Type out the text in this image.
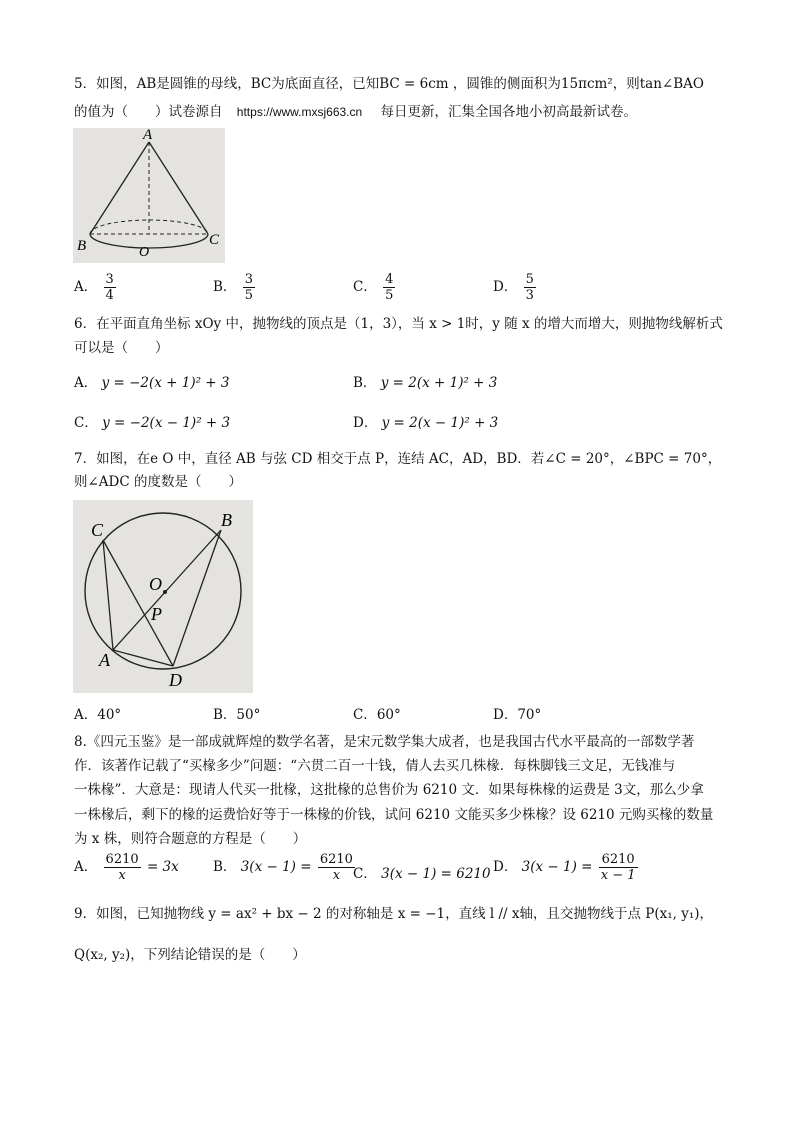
5．如图，AB是圆锥的母线，BC为底面直径，已知BC = 6cm ，圆锥的侧面积为15πcm²，则tan∠BAO
的值为（　　）试卷源自 https://www.mxsj663.cn 每日更新，汇集全国各地小初高最新试卷。
A
B	O
C
A． $\frac{3}{4}$	B． $\frac{3}{5}$	C． $\frac{4}{5}$	D． $\frac{5}{3}$
6．在平面直角坐标 xOy 中，抛物线的顶点是（1，3），当 x > 1时，y 随 x 的增大而增大，则抛物线解析式
可以是（　　）
A． y = −2(x + 1)² + 3	B． y = 2(x + 1)² + 3
C． y = −2(x − 1)² + 3	D． y = 2(x − 1)² + 3
7．如图，在e O 中，直径 AB 与弦 CD 相交于点 P，连结 AC，AD，BD．若∠C = 20°，∠BPC = 70°，
则∠ADC 的度数是（　　）
C	B
O
P
A
D
A．40°	B．50°	C．60°	D．70°
8.《四元玉鉴》是一部成就辉煌的数学名著，是宋元数学集大成者，也是我国古代水平最高的一部数学著
作．该著作记载了“买椽多少”问题：“六贯二百一十钱，倩人去买几株椽．每株脚钱三文足，无钱准与
一株椽”．大意是：现请人代买一批椽，这批椽的总售价为 6210 文．如果每株椽的运费是 3文，那么少拿
一株椽后，剩下的椽的运费恰好等于一株椽的价钱，试问 6210 文能买多少株椽？设 6210 元购买椽的数量
为 x 株，则符合题意的方程是（　　）
A． $\frac{6210}{x} = 3x$	B． $3(x - 1) = \frac{6210}{x}$
C． 3(x − 1) = 6210 D． $3(x - 1) = \frac{6210}{x - 1}$
9．如图，已知抛物线 y = ax² + bx − 2 的对称轴是 x = −1，直线 l // x轴，且交抛物线于点 P(x₁, y₁)，
Q(x₂, y₂)，下列结论错误的是（　　）
